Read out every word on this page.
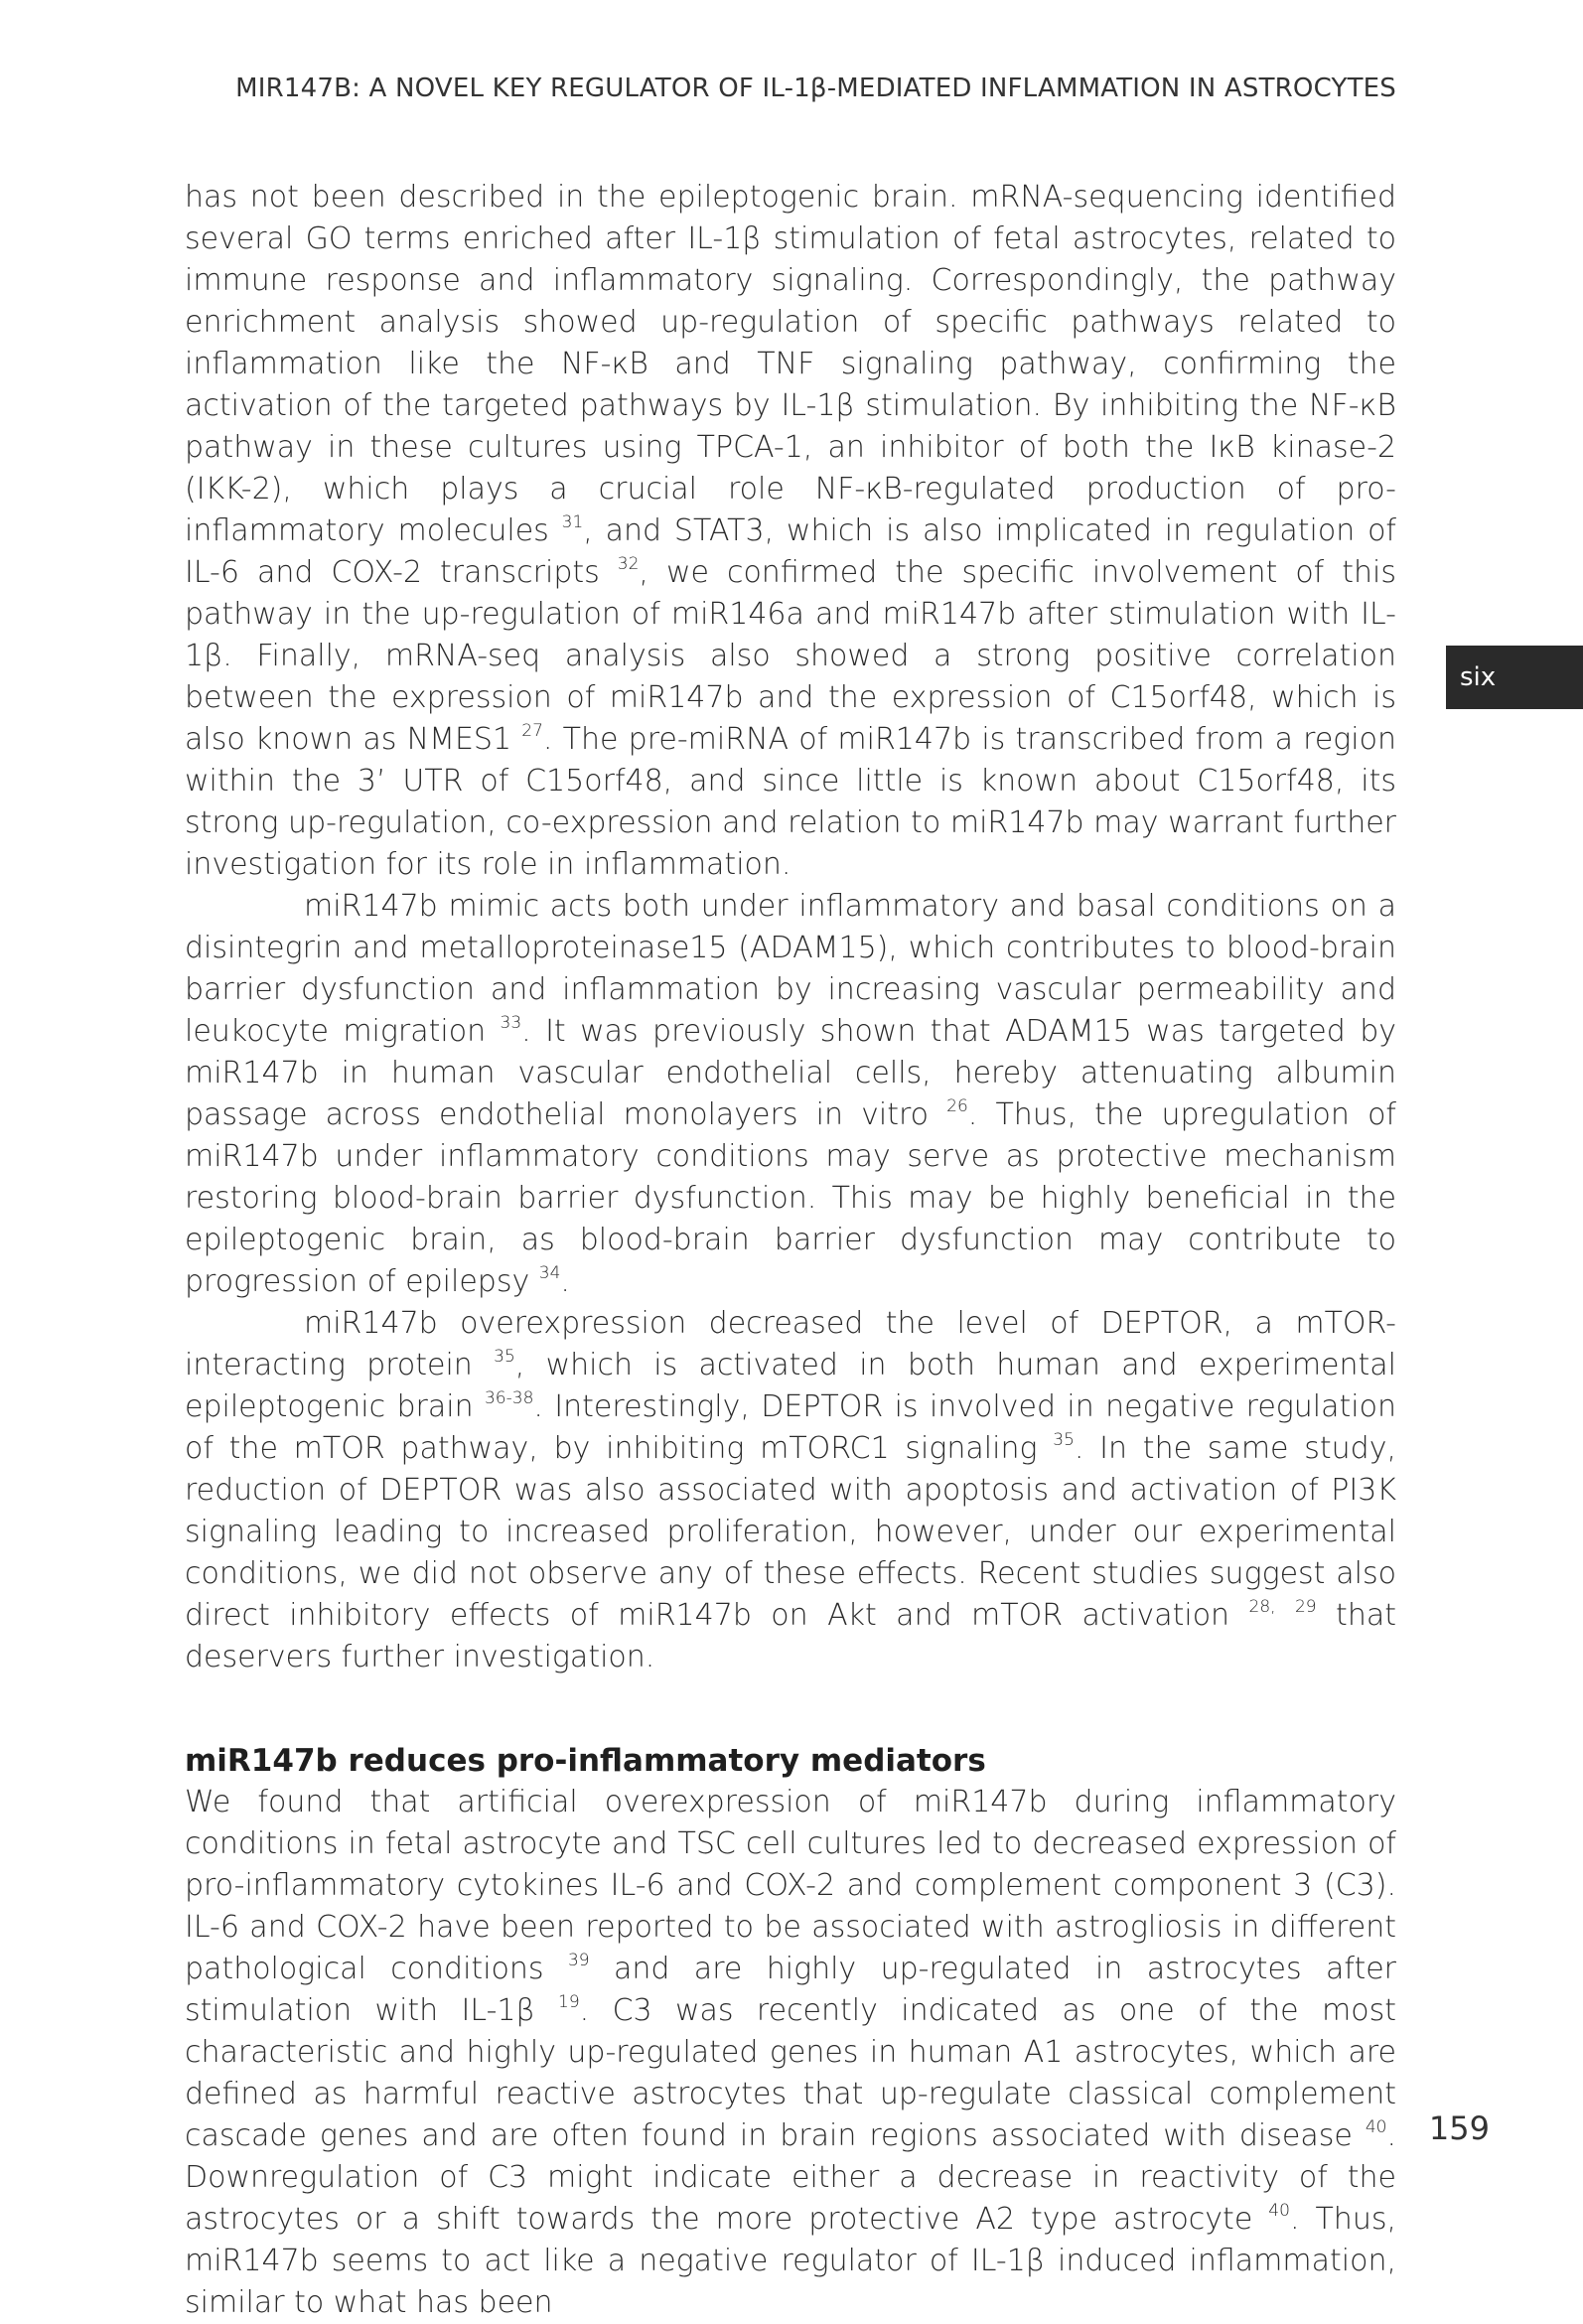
MIR147B: A NOVEL KEY REGULATOR OF IL-1β-MEDIATED INFLAMMATION IN ASTROCYTES
six

has not been described in the epileptogenic brain. mRNA-sequencing identified several GO terms enriched after IL-1β stimulation of fetal astrocytes, related to immune response and inflammatory signaling. Correspondingly, the pathway enrichment analysis showed up-regulation of specific pathways related to inflammation like the NF-κB and TNF signaling pathway, confirming the activation of the targeted pathways by IL-1β stimulation. By inhibiting the NF-κB pathway in these cultures using TPCA-1, an inhibitor of both the IκB kinase-2 (IKK-2), which plays a crucial role NF-κB-regulated production of pro-inflammatory molecules $^{31}$, and STAT3, which is also implicated in regulation of IL-6 and COX-2 transcripts $^{32}$, we confirmed the specific involvement of this pathway in the up-regulation of miR146a and miR147b after stimulation with IL-1β. Finally, mRNA-seq analysis also showed a strong positive correlation between the expression of miR147b and the expression of C15orf48, which is also known as NMES1 $^{27}$. The pre-miRNA of miR147b is transcribed from a region within the 3’ UTR of C15orf48, and since little is known about C15orf48, its strong up-regulation, co-expression and relation to miR147b may warrant further investigation for its role in inflammation.

miR147b mimic acts both under inflammatory and basal conditions on a disintegrin and metalloproteinase15 (ADAM15), which contributes to blood-brain barrier dysfunction and inflammation by increasing vascular permeability and leukocyte migration $^{33}$. It was previously shown that ADAM15 was targeted by miR147b in human vascular endothelial cells, hereby attenuating albumin passage across endothelial monolayers in vitro $^{26}$. Thus, the upregulation of miR147b under inflammatory conditions may serve as protective mechanism restoring blood-brain barrier dysfunction. This may be highly beneficial in the epileptogenic brain, as blood-brain barrier dysfunction may contribute to progression of epilepsy $^{34}$.

miR147b overexpression decreased the level of DEPTOR, a mTOR-interacting protein $^{35}$, which is activated in both human and experimental epileptogenic brain $^{36-38}$. Interestingly, DEPTOR is involved in negative regulation of the mTOR pathway, by inhibiting mTORC1 signaling $^{35}$. In the same study, reduction of DEPTOR was also associated with apoptosis and activation of PI3K signaling leading to increased proliferation, however, under our experimental conditions, we did not observe any of these effects. Recent studies suggest also direct inhibitory effects of miR147b on Akt and mTOR activation $^{28,}$ $^{29}$ that deservers further investigation.

miR147b reduces pro-inflammatory mediators

We found that artificial overexpression of miR147b during inflammatory conditions in fetal astrocyte and TSC cell cultures led to decreased expression of pro-inflammatory cytokines IL-6 and COX-2 and complement component 3 (C3). IL-6 and COX-2 have been reported to be associated with astrogliosis in different pathological conditions $^{39}$ and are highly up-regulated in astrocytes after stimulation with IL-1β $^{19}$. C3 was recently indicated as one of the most characteristic and highly up-regulated genes in human A1 astrocytes, which are defined as harmful reactive astrocytes that up-regulate classical complement cascade genes and are often found in brain regions associated with disease $^{40}$. Downregulation of C3 might indicate either a decrease in reactivity of the astrocytes or a shift towards the more protective A2 type astrocyte $^{40}$. Thus, miR147b seems to act like a negative regulator of IL-1β induced inflammation, similar to what has been

159
